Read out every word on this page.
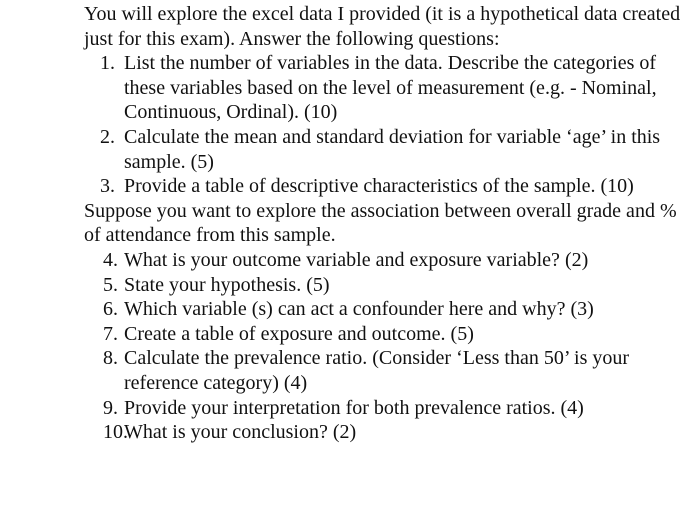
You will explore the excel data I provided (it is a hypothetical data created just for this exam). Answer the following questions:

1. List the number of variables in the data. Describe the categories of these variables based on the level of measurement (e.g. - Nominal, Continuous, Ordinal). (10)
2. Calculate the mean and standard deviation for variable ‘age’ in this sample. (5)
3. Provide a table of descriptive characteristics of the sample. (10)

Suppose you want to explore the association between overall grade and % of attendance from this sample.

4. What is your outcome variable and exposure variable? (2)
5. State your hypothesis. (5)
6. Which variable (s) can act a confounder here and why? (3)
7. Create a table of exposure and outcome. (5)
8. Calculate the prevalence ratio. (Consider ‘Less than 50’ is your reference category) (4)
9. Provide your interpretation for both prevalence ratios. (4)
10.
What is your conclusion? (2)
